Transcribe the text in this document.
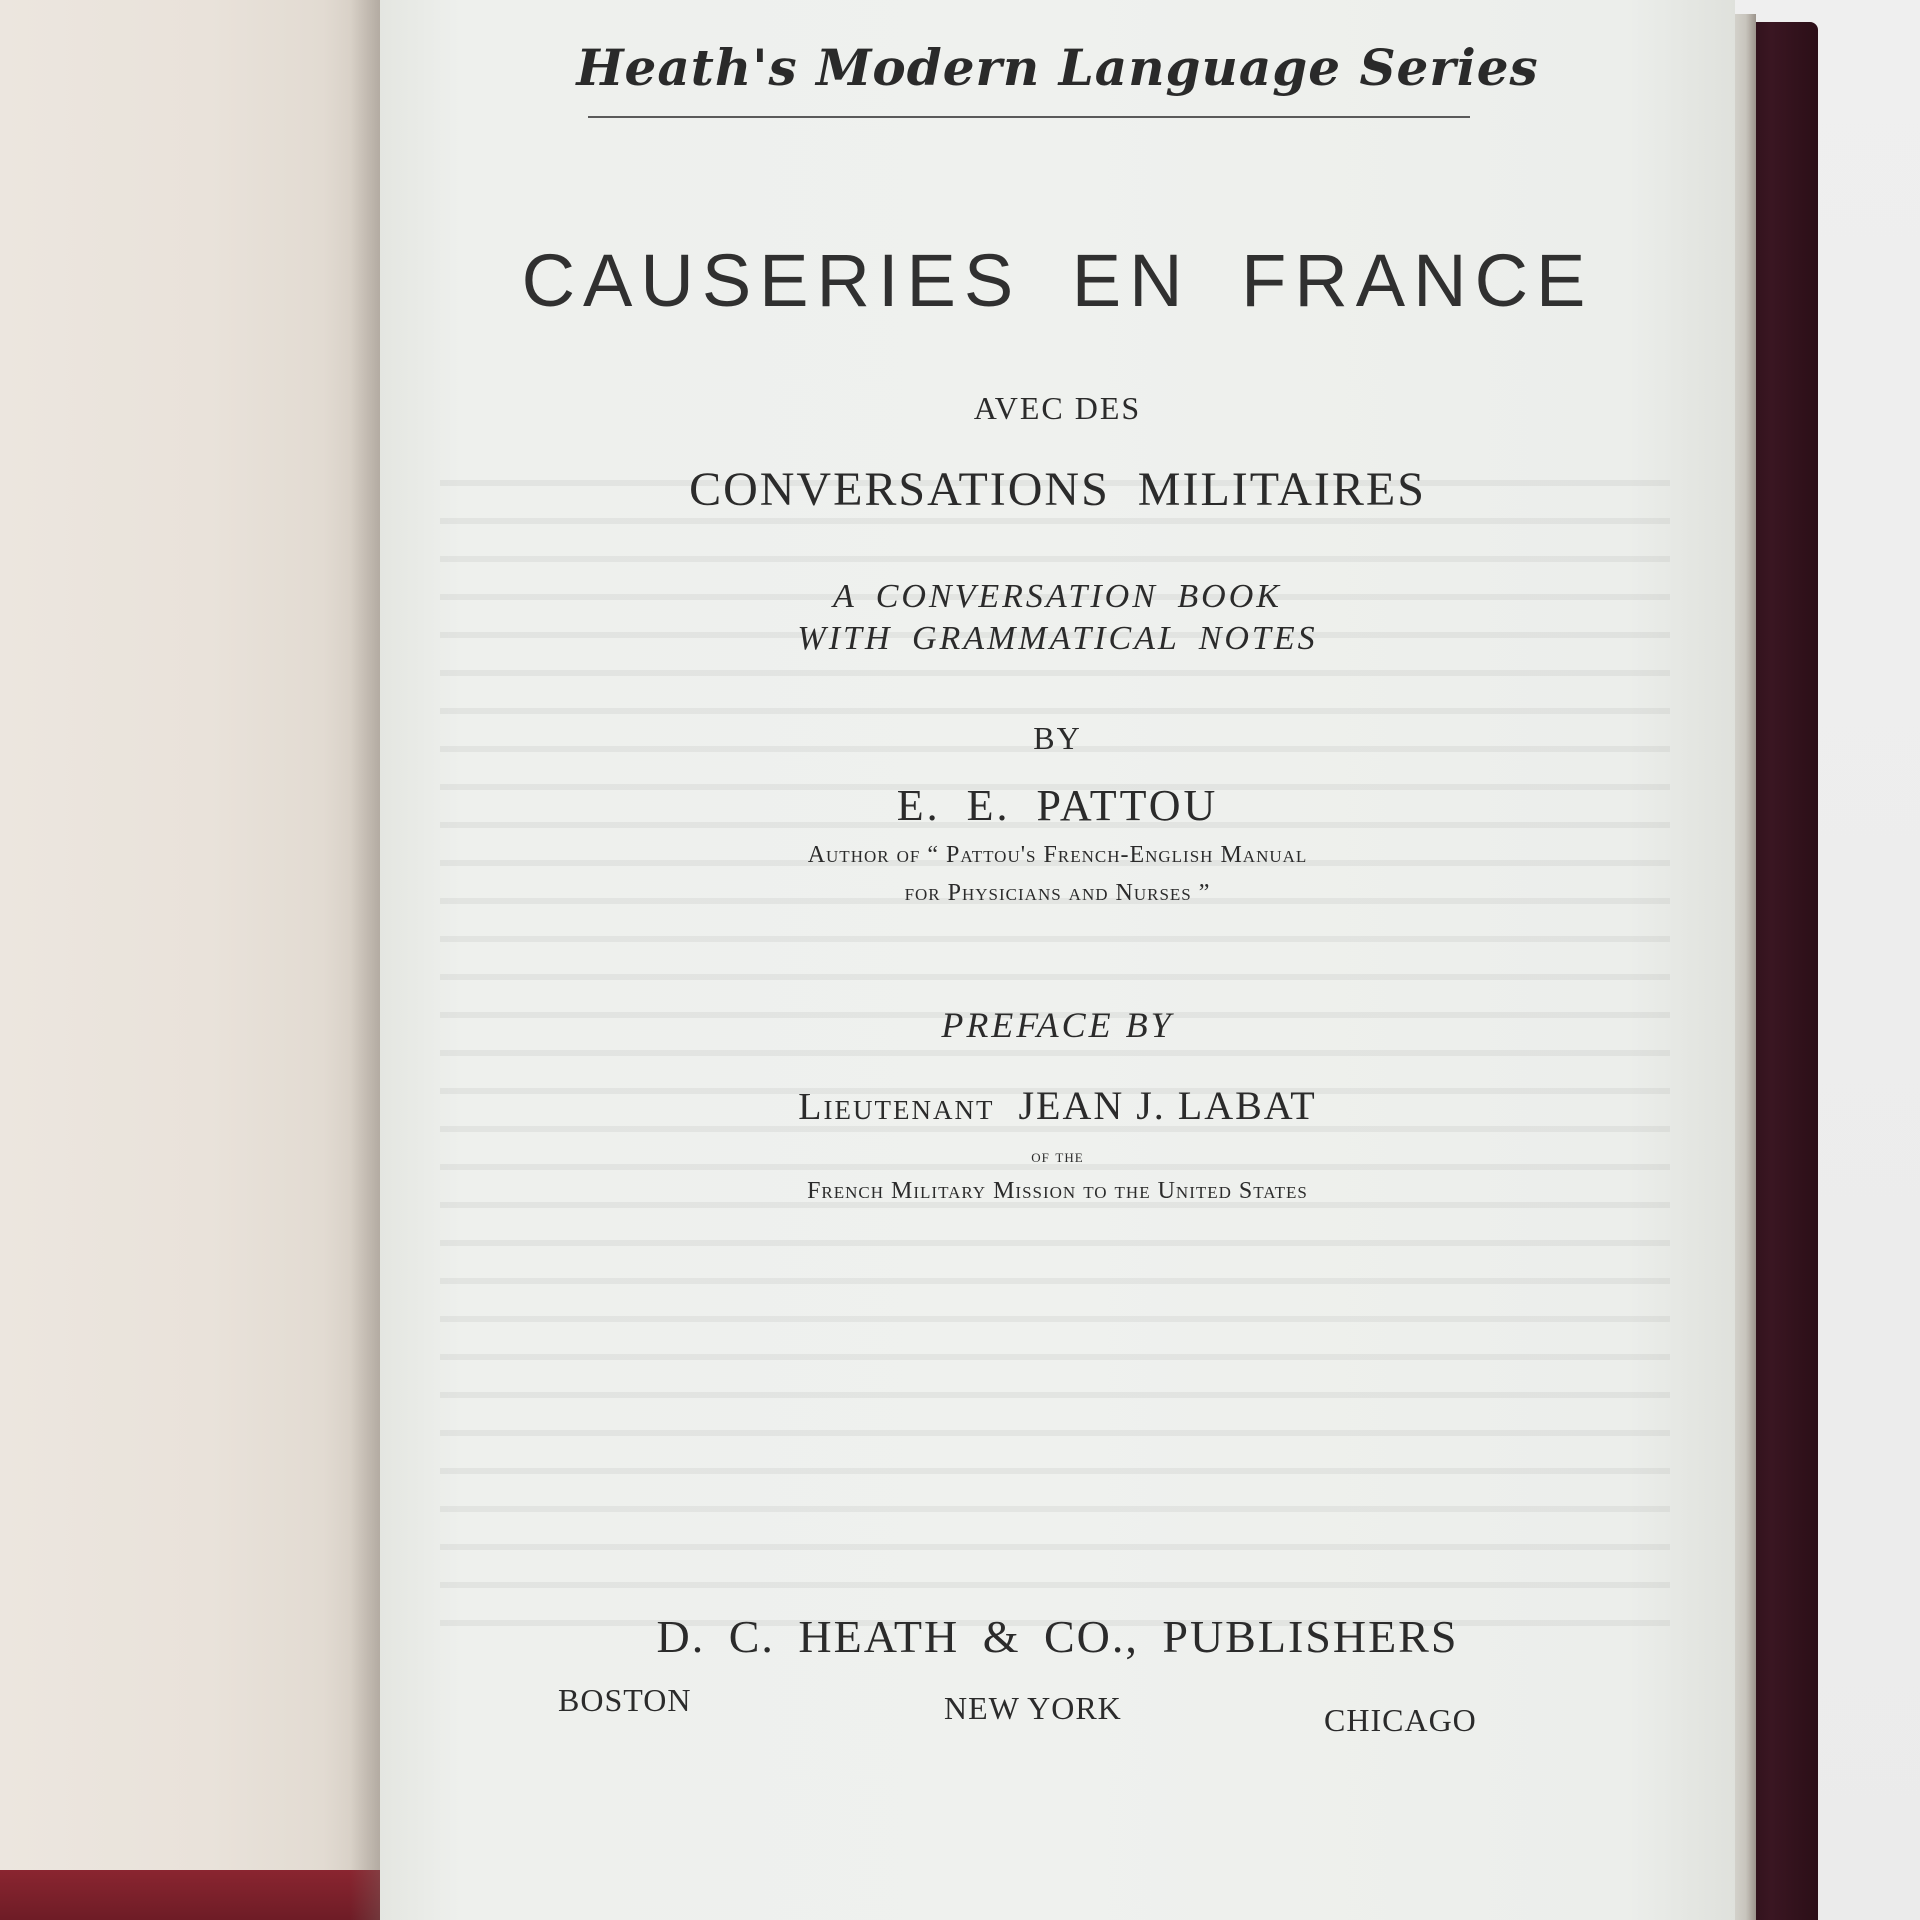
Heath's Modern Language Series

CAUSERIES EN FRANCE

AVEC DES

CONVERSATIONS MILITAIRES

A CONVERSATION BOOK

WITH GRAMMATICAL NOTES

BY

E. E. PATTOU

Author of “ Pattou's French-English Manual

for Physicians and Nurses ”

PREFACE BY

Lieutenant JEAN J. LABAT

of the

French Military Mission to the United States

D. C. HEATH & CO., PUBLISHERS

BOSTON	NEW YORK	CHICAGO
